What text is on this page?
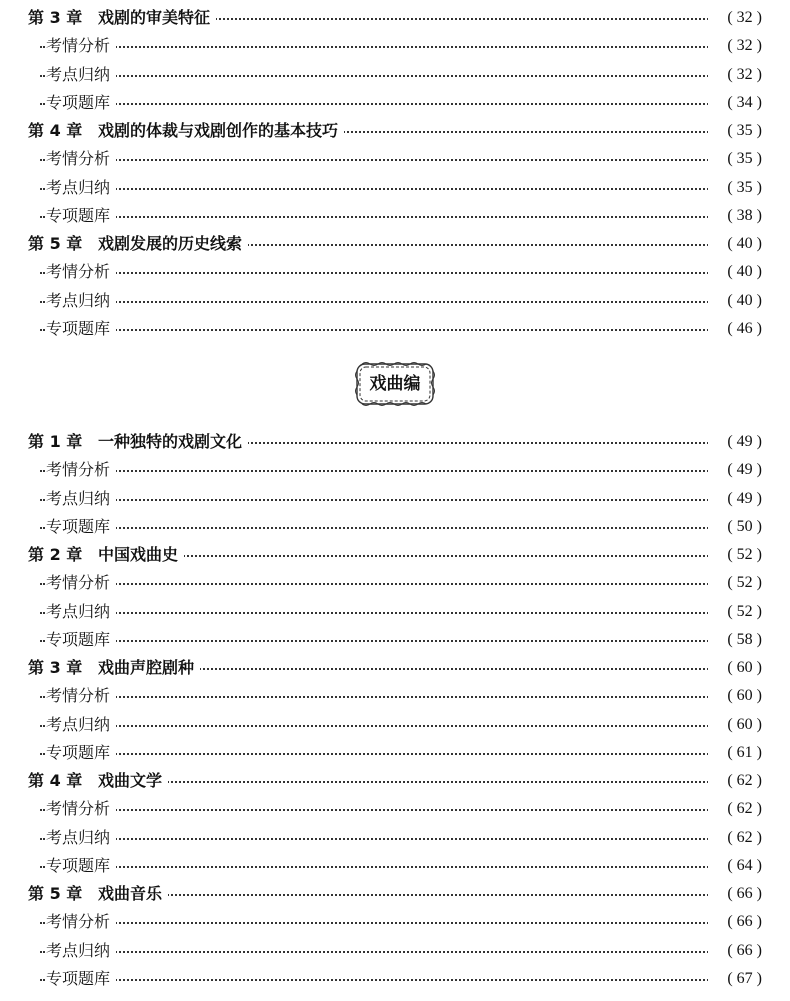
第 3 章 戏剧的审美特征	( 32 )
考情分析	( 32 )
考点归纳	( 32 )
专项题库	( 34 )
第 4 章 戏剧的体裁与戏剧创作的基本技巧	( 35 )
考情分析	( 35 )
考点归纳	( 35 )
专项题库	( 38 )
第 5 章 戏剧发展的历史线索	( 40 )
考情分析	( 40 )
考点归纳	( 40 )
专项题库	( 46 )
戏曲编
第 1 章 一种独特的戏剧文化	( 49 )
考情分析	( 49 )
考点归纳	( 49 )
专项题库	( 50 )
第 2 章 中国戏曲史	( 52 )
考情分析	( 52 )
考点归纳	( 52 )
专项题库	( 58 )
第 3 章 戏曲声腔剧种	( 60 )
考情分析	( 60 )
考点归纳	( 60 )
专项题库	( 61 )
第 4 章 戏曲文学	( 62 )
考情分析	( 62 )
考点归纳	( 62 )
专项题库	( 64 )
第 5 章 戏曲音乐	( 66 )
考情分析	( 66 )
考点归纳	( 66 )
专项题库	( 67 )
